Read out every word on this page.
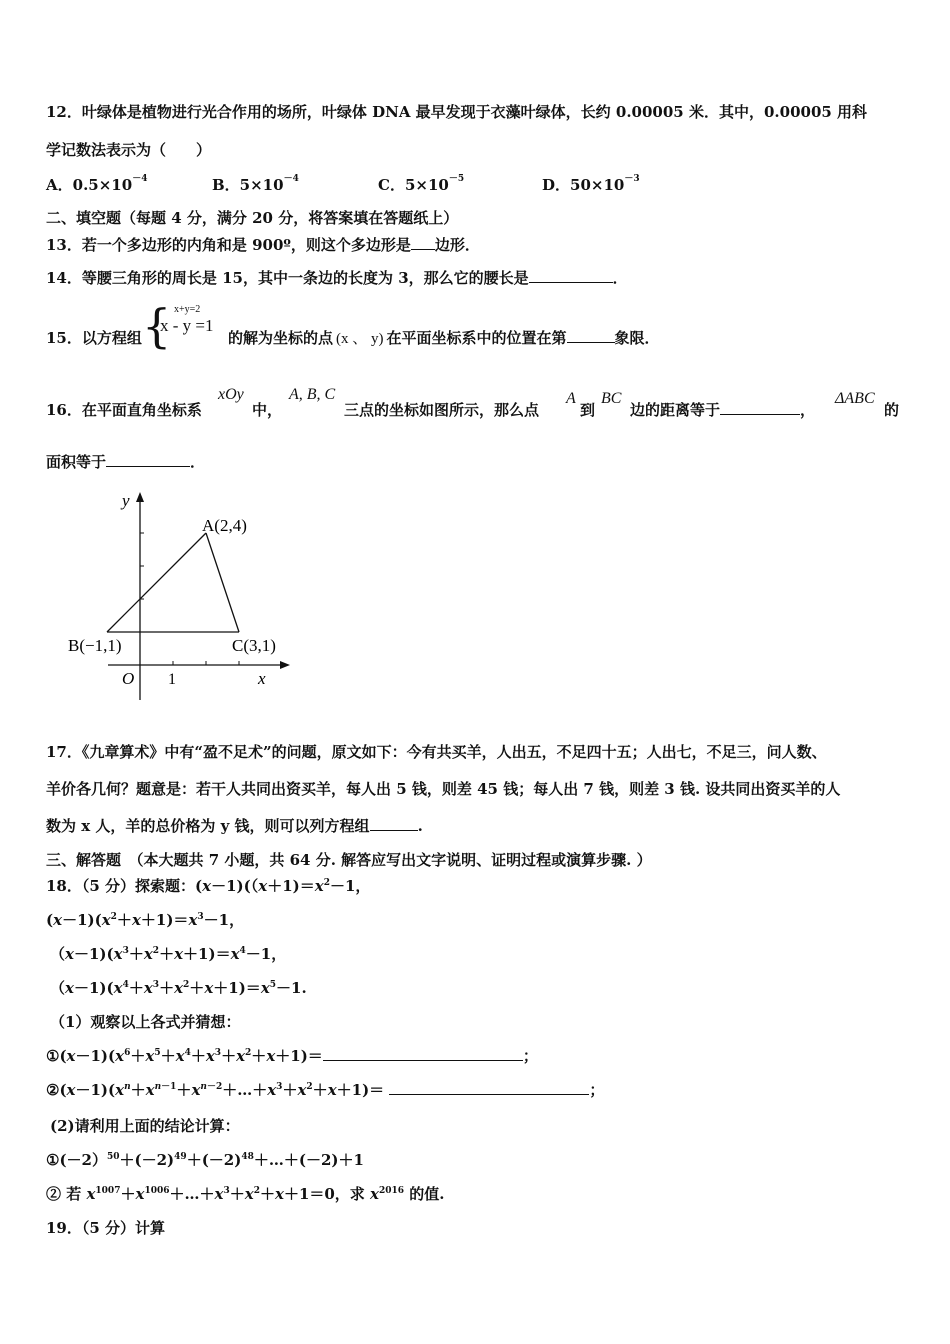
12．叶绿体是植物进行光合作用的场所，叶绿体 DNA 最早发现于衣藻叶绿体，长约 0.00005 米．其中，0.00005 用科
学记数法表示为（　　）
A．$0.5\times 10^{-4}$	B．$5\times 10^{-4}$	C．$5\times 10^{-5}$	D．$50\times 10^{-3}$
二、填空题（每题 4 分，满分 20 分，将答案填在答题纸上）
13．若一个多边形的内角和是 900º，则这个多边形是 边形．
14．等腰三角形的周长是 15，其中一条边的长度为 3，那么它的腰长是	．
15．以方程组 { x+y=2
x - y =1
的解为坐标的点 (x 、 y) 在平面坐标系中的位置在第	象限．
16．在平面直角坐标系
xOy
中，
A, B, C
三点的坐标如图所示，那么点
A
到
BC
边的距离等于	，
ΔABC
的
面积等于	．
y
x
O 1
A(2,4)
B(−1,1)	C(3,1)
17．《九章算术》中有“盈不足术”的问题，原文如下：今有共买羊，人出五，不足四十五；人出七，不足三，问人数、
羊价各几何？题意是：若干人共同出资买羊，每人出 5 钱，则差 45 钱；每人出 7 钱，则差 3 钱. 设共同出资买羊的人
数为 x 人，羊的总价格为 y 钱，则可以列方程组	.
三、解答题　（本大题共 7 小题，共 64 分. 解答应写出文字说明、证明过程或演算步骤. ）
18．（5 分）探索题：$(x-1)((x+1)=x^2-1$，
$(x-1)(x^2+x+1)=x^3-1$，
$(x-1)(x^3+x^2+x+1)=x^4-1$，
$(x-1)(x^4+x^3+x^2+x+1)=x^5-1$.
（1）观察以上各式并猜想：
$①(x-1)(x^6+x^5+x^4+x^3+x^2+x+1)=$	；
$②(x-1)(x^n+x^{n-1}+x^{n-2}+\dots+x^3+x^2+x+1)=$	；
(2)请利用上面的结论计算：
$①(-2)^{50}+(-2)^{49}+(-2)^{48}+\dots+(-2)+1$
② 若 $x^{1007}+x^{1006}+\dots+x^3+x^2+x+1=0$，求 $x^{2016}$ 的值.
19．（5 分）计算
